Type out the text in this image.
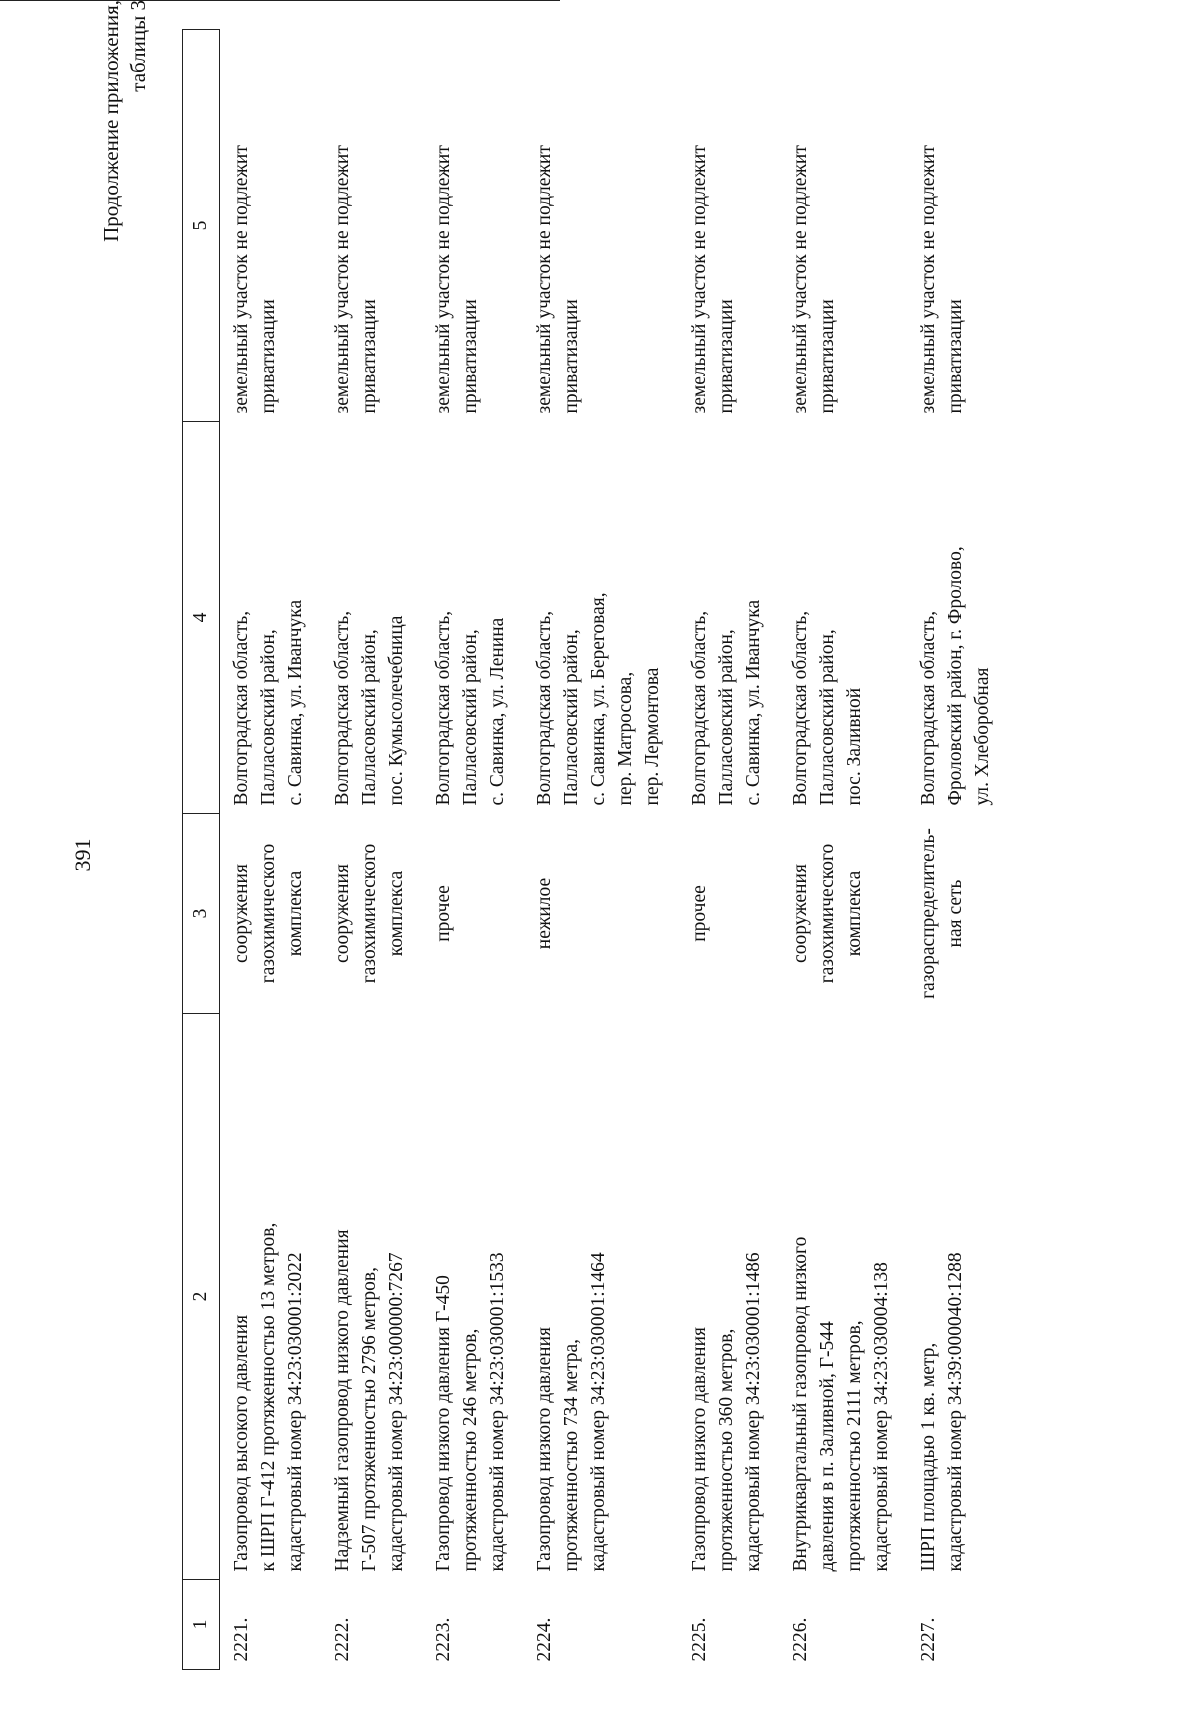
391
Продолжение приложения, таблицы 3
1	2	3	4	5
2221.	Газопровод высокого давления к ШРП Г-412 протяженностью 13 метров, кадастровый номер 34:23:030001:2022	сооружения газохимического комплекса	Волгоградская область, Палласовский район, с. Савинка, ул. Иванчука	земельный участок не подлежит приватизации

2222.	Надземный газопровод низкого давления Г-507 протяженностью 2796 метров, кадастровый номер 34:23:000000:7267	сооружения газохимического комплекса	Волгоградская область, Палласовский район, пос. Кумысолечебница	земельный участок не подлежит приватизации

2223.	Газопровод низкого давления Г-450 протяженностью 246 метров, кадастровый номер 34:23:030001:1533	прочее	Волгоградская область, Палласовский район, с. Савинка, ул. Ленина	земельный участок не подлежит приватизации

2224.	Газопровод низкого давления протяженностью 734 метра, кадастровый номер 34:23:030001:1464	нежилое	Волгоградская область, Палласовский район, с. Савинка, ул. Береговая, пер. Матросова, пер. Лермонтова	земельный участок не подлежит приватизации

2225.	Газопровод низкого давления протяженностью 360 метров, кадастровый номер 34:23:030001:1486	прочее	Волгоградская область, Палласовский район, с. Савинка, ул. Иванчука	земельный участок не подлежит приватизации

2226.	Внутриквартальный газопровод низкого давления в п. Заливной, Г-544 протяженностью 2111 метров, кадастровый номер 34:23:030004:138	сооружения газохимического комплекса	Волгоградская область, Палласовский район, пос. Заливной	земельный участок не подлежит приватизации

2227.	ШРП площадью 1 кв. метр, кадастровый номер 34:39:000040:1288	газораспределитель- ная сеть	Волгоградская область, Фроловский район, г. Фролово, ул. Хлеборобная	земельный участок не подлежит приватизации
